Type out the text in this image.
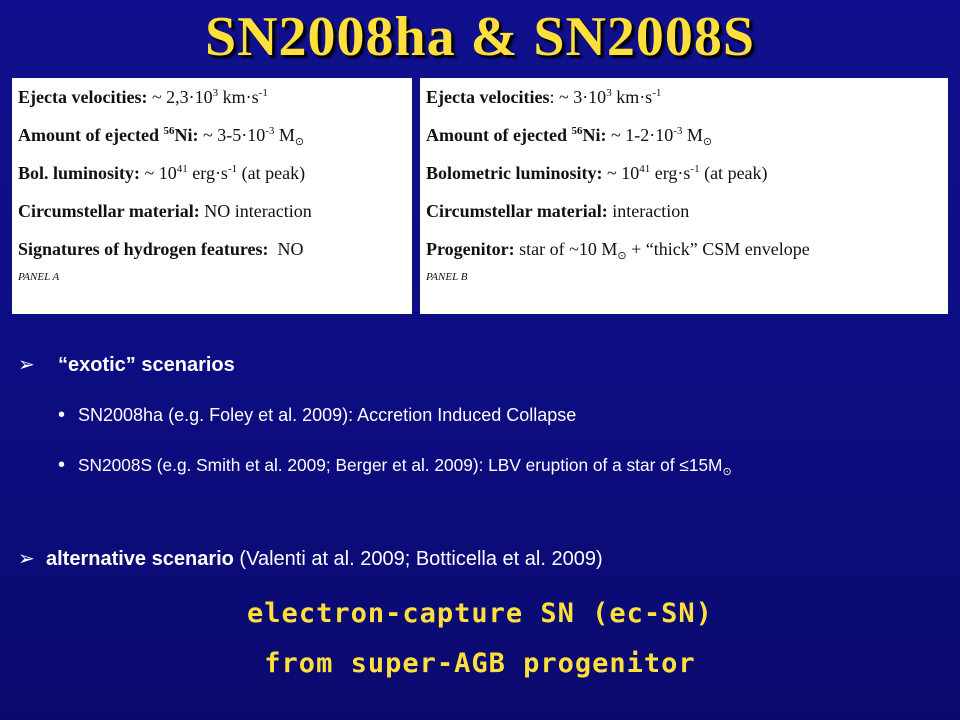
SN2008ha & SN2008S
Ejecta velocities: ~ $2,3\cdot 10^3$ $km\cdot s^{-1}$
Amount of ejected $^{56}$Ni: ~ $3-5\cdot 10^{-3}$ $M_⊙$
Bol. luminosity: ~ $10^{41}$ $erg\cdot s^{-1}$ (at peak)
Circumstellar material: NO interaction
Signatures of hydrogen features:  NO
PANEL A
Ejecta velocities: ~ $3\cdot 10^3$ $km\cdot s^{-1}$
Amount of ejected $^{56}$Ni: ~ $1-2\cdot 10^{-3}$ $M_⊙$
Bolometric luminosity: ~ $10^{41}$ $erg\cdot s^{-1}$ (at peak)
Circumstellar material: interaction
Progenitor: star of ~10 $M_⊙$ + “thick” CSM envelope
PANEL B
➢ “exotic” scenarios
• SN2008ha (e.g. Foley et al. 2009): Accretion Induced Collapse
• SN2008S (e.g. Smith et al. 2009; Berger et al. 2009): LBV eruption of a star of $\le 15M_⊙$
➢ alternative scenario (Valenti at al. 2009; Botticella et al. 2009)
electron-capture SN (ec-SN)
from super-AGB progenitor
